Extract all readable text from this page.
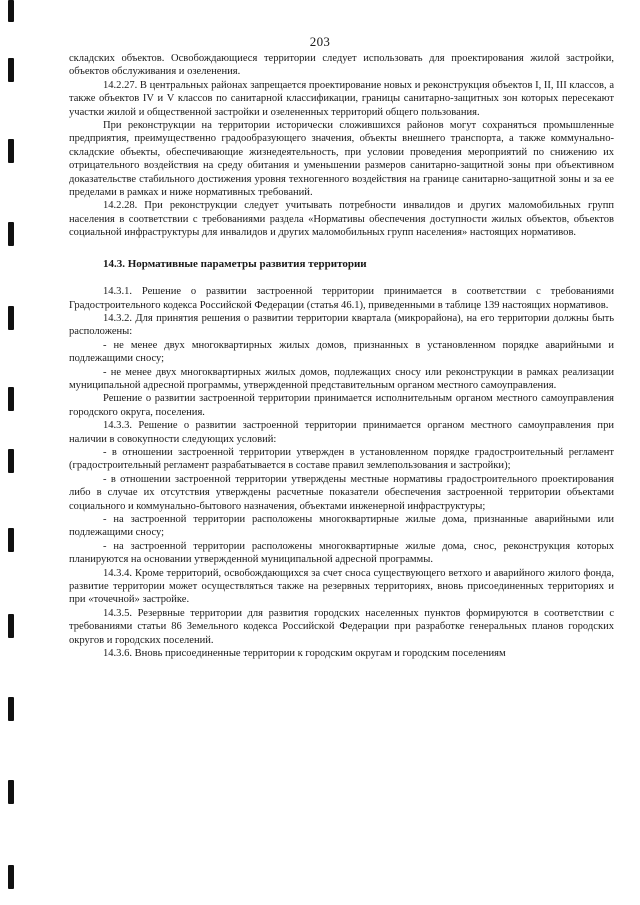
203

складских объектов. Освобождающиеся территории следует использовать для проектирования жилой застройки, объектов обслуживания и озеленения.

14.2.27. В центральных районах запрещается проектирование новых и реконструкция объектов I, II, III классов, а также объектов IV и V классов по санитарной классификации, границы санитарно-защитных зон которых пересекают участки жилой и общественной застройки и озелененных территорий общего пользования.

При реконструкции на территории исторически сложившихся районов могут сохраняться промышленные предприятия, преимущественно градообразующего значения, объекты внешнего транспорта, а также коммунально-складские объекты, обеспечивающие жизнедеятельность, при условии проведения мероприятий по снижению их отрицательного воздействия на среду обитания и уменьшении размеров санитарно-защитной зоны при объективном доказательстве стабильного достижения уровня техногенного воздействия на границе санитарно-защитной зоны и за ее пределами в рамках и ниже нормативных требований.

14.2.28. При реконструкции следует учитывать потребности инвалидов и других маломобильных групп населения в соответствии с требованиями раздела «Нормативы обеспечения доступности жилых объектов, объектов социальной инфраструктуры для инвалидов и других маломобильных групп населения» настоящих нормативов.

14.3. Нормативные параметры развития территории

14.3.1. Решение о развитии застроенной территории принимается в соответствии с требованиями Градостроительного кодекса Российской Федерации (статья 46.1), приведенными в таблице 139 настоящих нормативов.

14.3.2. Для принятия решения о развитии территории квартала (микрорайона), на его территории должны быть расположены:

- не менее двух многоквартирных жилых домов, признанных в установленном порядке аварийными и подлежащими сносу;

- не менее двух многоквартирных жилых домов, подлежащих сносу или реконструкции в рамках реализации муниципальной адресной программы, утвержденной представительным органом местного самоуправления.

Решение о развитии застроенной территории принимается исполнительным органом местного самоуправления городского округа, поселения.

14.3.3. Решение о развитии застроенной территории принимается органом местного самоуправления при наличии в совокупности следующих условий:

- в отношении застроенной территории утвержден в установленном порядке градостроительный регламент (градостроительный регламент разрабатывается в составе правил землепользования и застройки);

- в отношении застроенной территории утверждены местные нормативы градостроительного проектирования либо в случае их отсутствия утверждены расчетные показатели обеспечения застроенной территории объектами социального и коммунально-бытового назначения, объектами инженерной инфраструктуры;

- на застроенной территории расположены многоквартирные жилые дома, признанные аварийными или подлежащими сносу;

- на застроенной территории расположены многоквартирные жилые дома, снос, реконструкция которых планируются на основании утвержденной муниципальной адресной программы.

14.3.4. Кроме территорий, освобождающихся за счет сноса существующего ветхого и аварийного жилого фонда, развитие территории может осуществляться также на резервных территориях, вновь присоединенных территориях и при «точечной» застройке.

14.3.5. Резервные территории для развития городских населенных пунктов формируются в соответствии с требованиями статьи 86 Земельного кодекса Российской Федерации при разработке генеральных планов городских округов и городских поселений.

14.3.6. Вновь присоединенные территории к городским округам и городским поселениям
